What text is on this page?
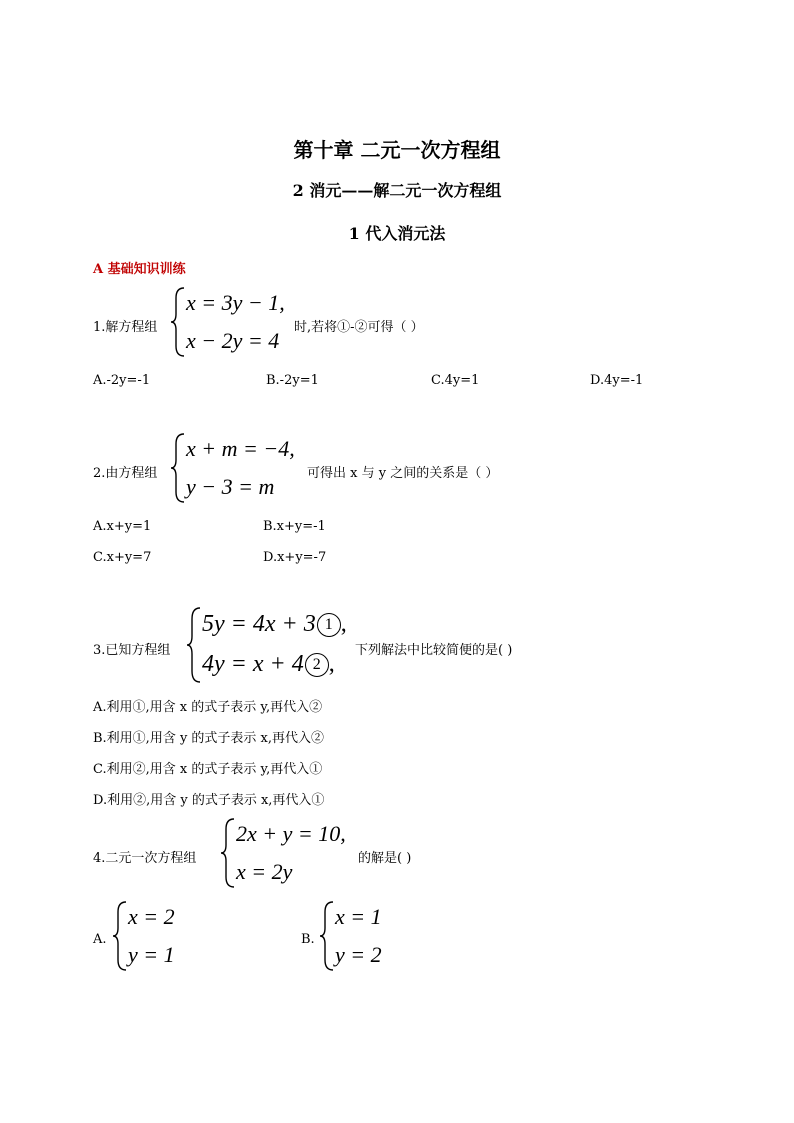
第十章 二元一次方程组
2 消元——解二元一次方程组
1 代入消元法
A 基础知识训练
1.解方程组
x = 3y − 1,
x − 2y = 4
时,若将①-②可得（ ）
A.-2y=-1	B.-2y=1	C.4y=1	D.4y=-1
2.由方程组
x + m = −4,
y − 3 = m
可得出 x 与 y 之间的关系是（ ）
A.x+y=1	B.x+y=-1
C.x+y=7	D.x+y=-7
3.已知方程组
5y = 4x + 3 1 ,
4y = x + 4 2 ,
下列解法中比较简便的是( )
A.利用①,用含 x 的式子表示 y,再代入②
B.利用①,用含 y 的式子表示 x,再代入②
C.利用②,用含 x 的式子表示 y,再代入①
D.利用②,用含 y 的式子表示 x,再代入①
4.二元一次方程组
2x + y = 10,
x = 2y
的解是( )
A.
x = 2
y = 1
B.
x = 1
y = 2
